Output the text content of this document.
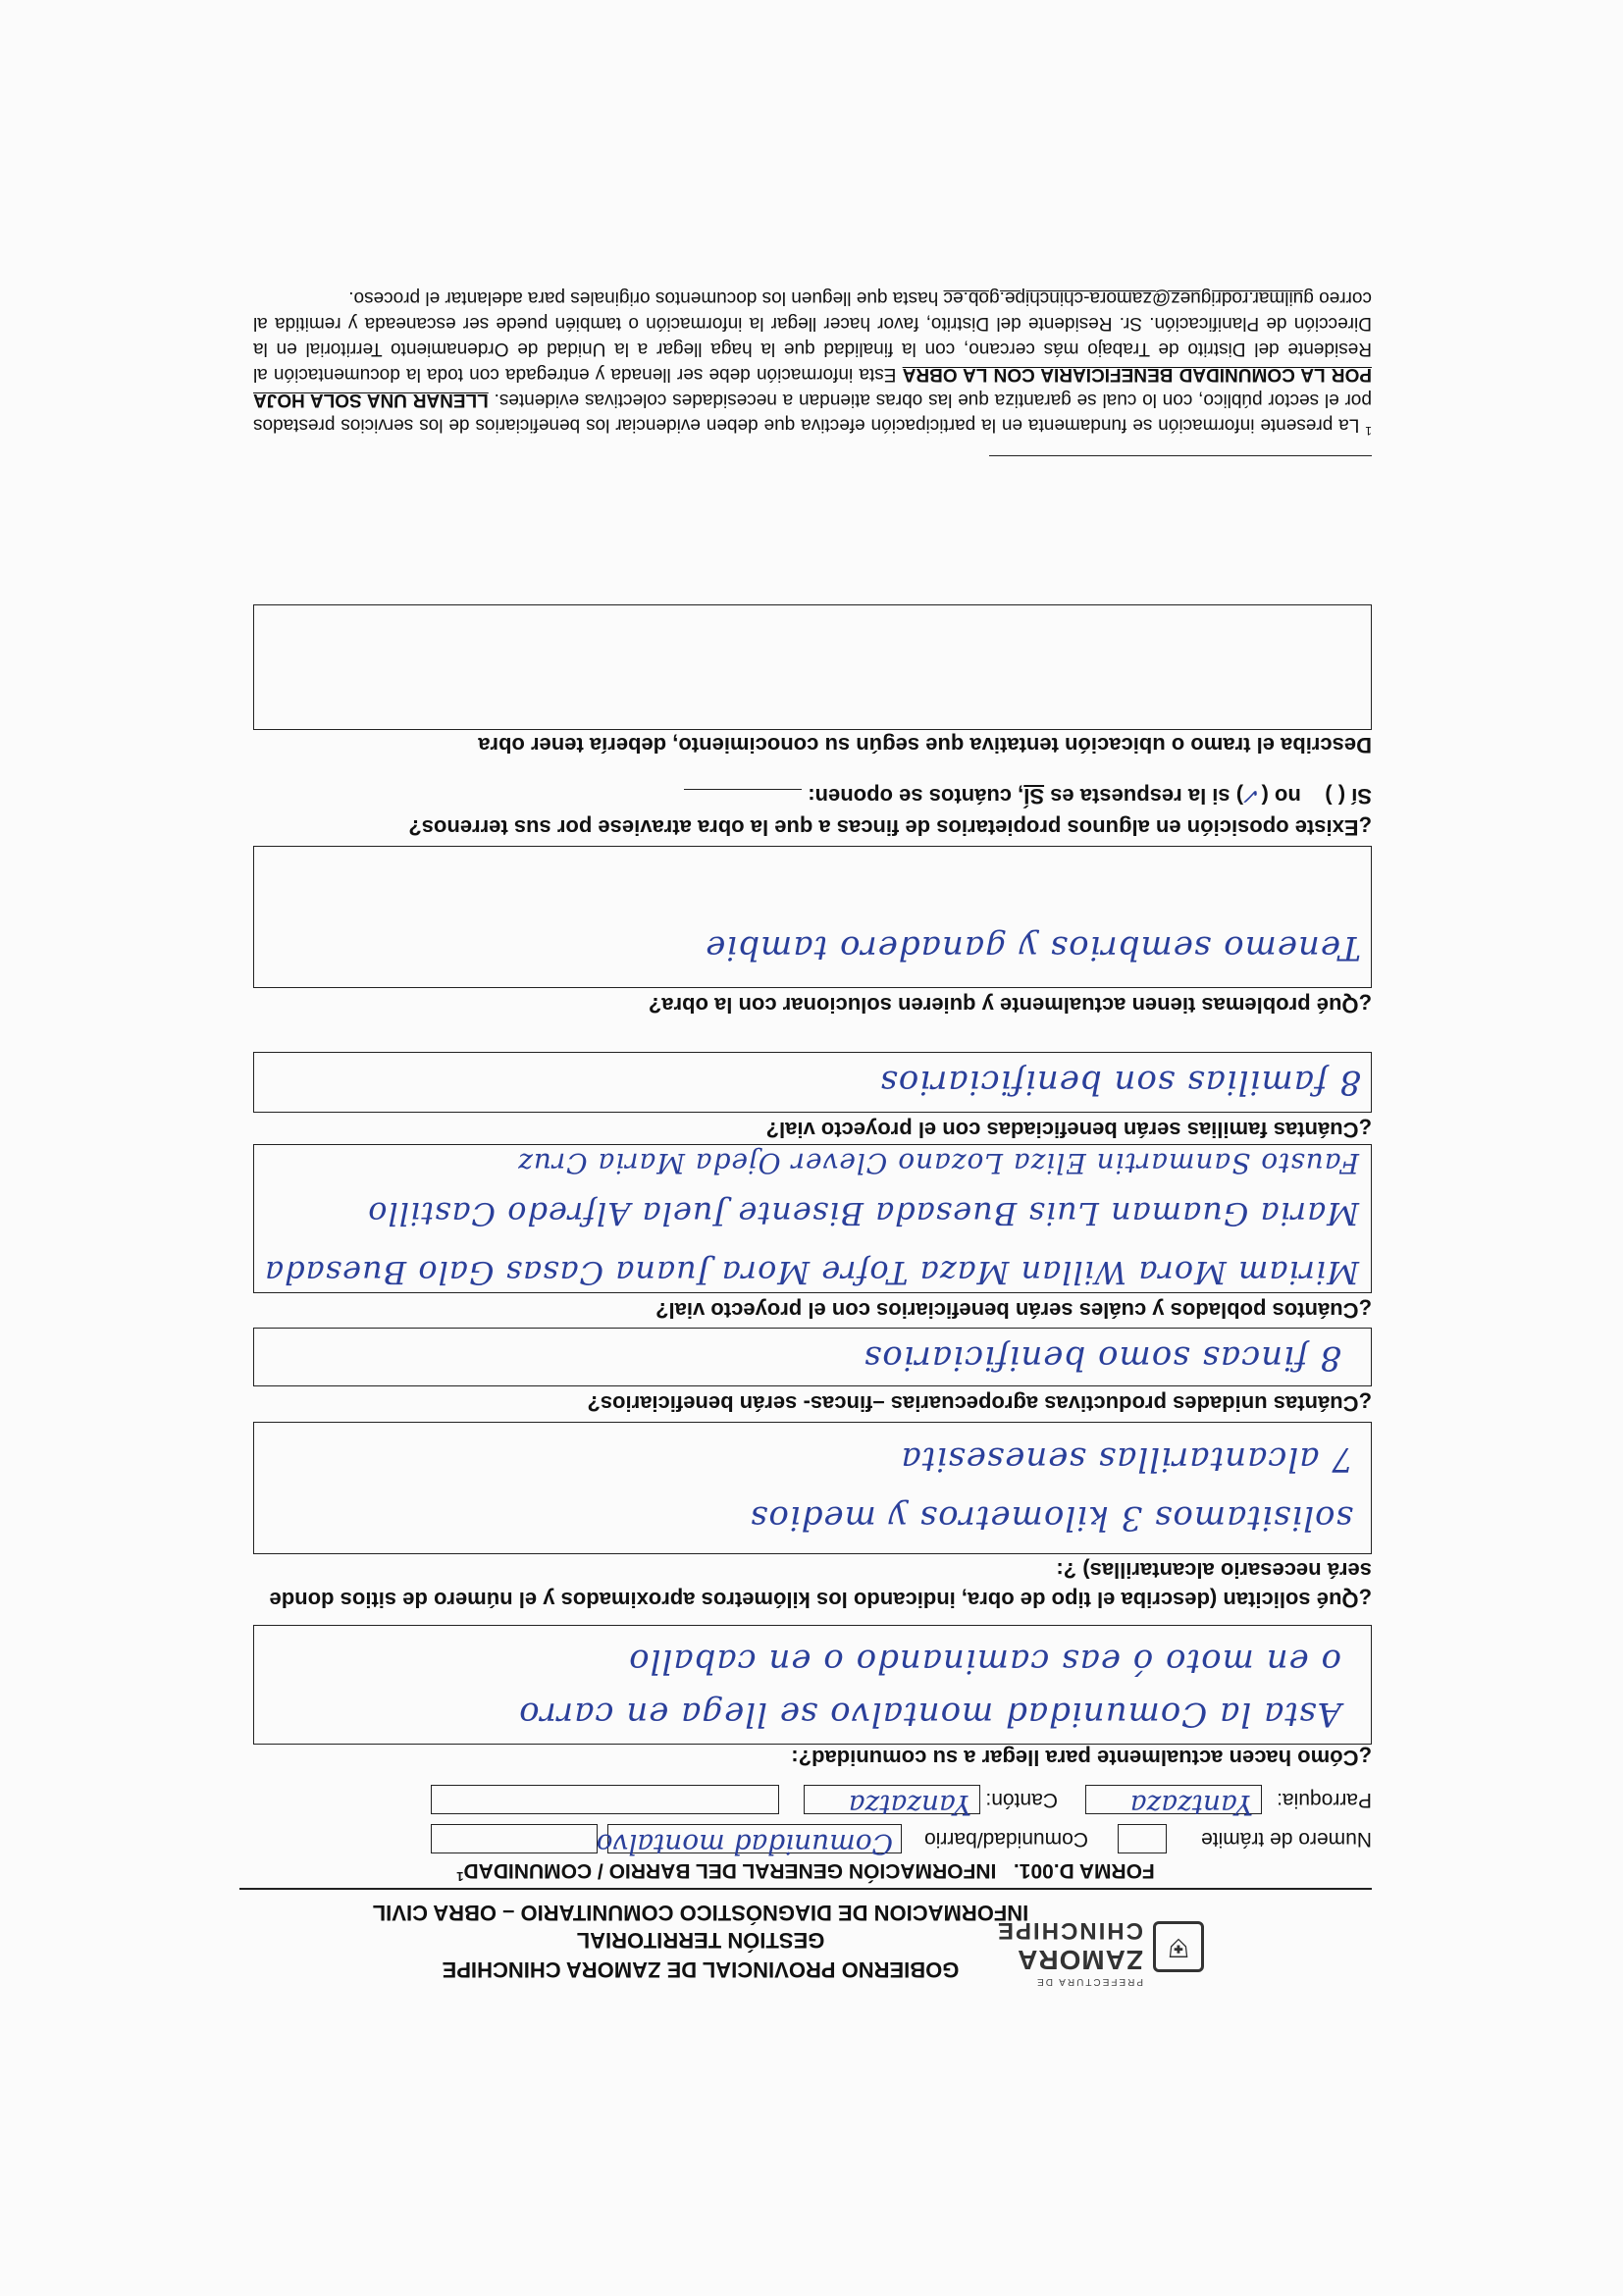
⛨
PREFECTURA DE
ZAMORA
CHINCHIPE
GOBIERNO PROVINCIAL DE ZAMORA CHINCHIPE
GESTIÓN TERRITORIAL
INFORMACION DE DIAGNÓSTICO COMUNITARIO – OBRA CIVIL
FORMA D.001.   INFORMACIÓN GENERAL DEL BARRIO / COMUNIDAD$^1$
Numero de trámite
Comunidad/barrio
Comunidad montalvo
Parroquia:
Yantzaza
Cantón:
Yanzatza
¿Cómo hacen actualmente para llegar a su comunidad?:
Asta la Comunidad montalvo se llega en carro
o en moto ó eas caminando o en caballo
¿Qué solicitan (describa el tipo de obra, indicando los kilómetros aproximados y el número de sitios donde será necesario alcantarillas) ?:
solisitamos 3 kilometros y medios
7 alcantarillas senesesita
¿Cuántas unidades productivas agropecuarias –fincas- serán beneficiarios?
8 fincas somo benificiarios
¿Cuántos poblados y cuáles serán beneficiarios con el proyecto vial?
Miriam Mora Willan Maza Tofre Mora Juana Casas Galo Buesada
Maria Guaman Luis Buesada Bisente Juela Alfredo Castillo
Fausto Sanmartin Eliza Lozano Clever Ojeda Maria Cruz
¿Cuántas familias serán beneficiadas con el proyecto vial?
8 familias son benificiarios
¿Qué problemas tienen actualmente y quieren solucionar con la obra?
Tenemo sembrios y ganadero tambie
¿Existe oposición en algunos propietarios de fincas a que la obra atraviese por sus terrenos?
Sí ( )    no (✓) si la respuesta es SÍ, cuántos se oponen:
Describa el tramo o ubicación tentativa que según su conocimiento, debería tener obra
$^1$ La presente información se fundamenta en la participación efectiva que deben evidenciar los beneficiarios de los servicios prestados por el sector público, con lo cual se garantiza que las obras atiendan a necesidades colectivas evidentes. LLENAR UNA SOLA HOJA POR LA COMUNIDAD BENEFICIARIA CON LA OBRA Esta información debe ser llenada y entregada con toda la documentación al Residente del Distrito de Trabajo más cercano, con la finalidad que la haga llegar a la Unidad de Ordenamiento Territorial en la Dirección de Planificación. Sr. Residente del Distrito, favor hacer llegar la información o también puede ser escaneada y remitida al correo guilmar.rodriguez@zamora-chinchipe.gob.ec hasta que lleguen los documentos originales para adelantar el proceso.
